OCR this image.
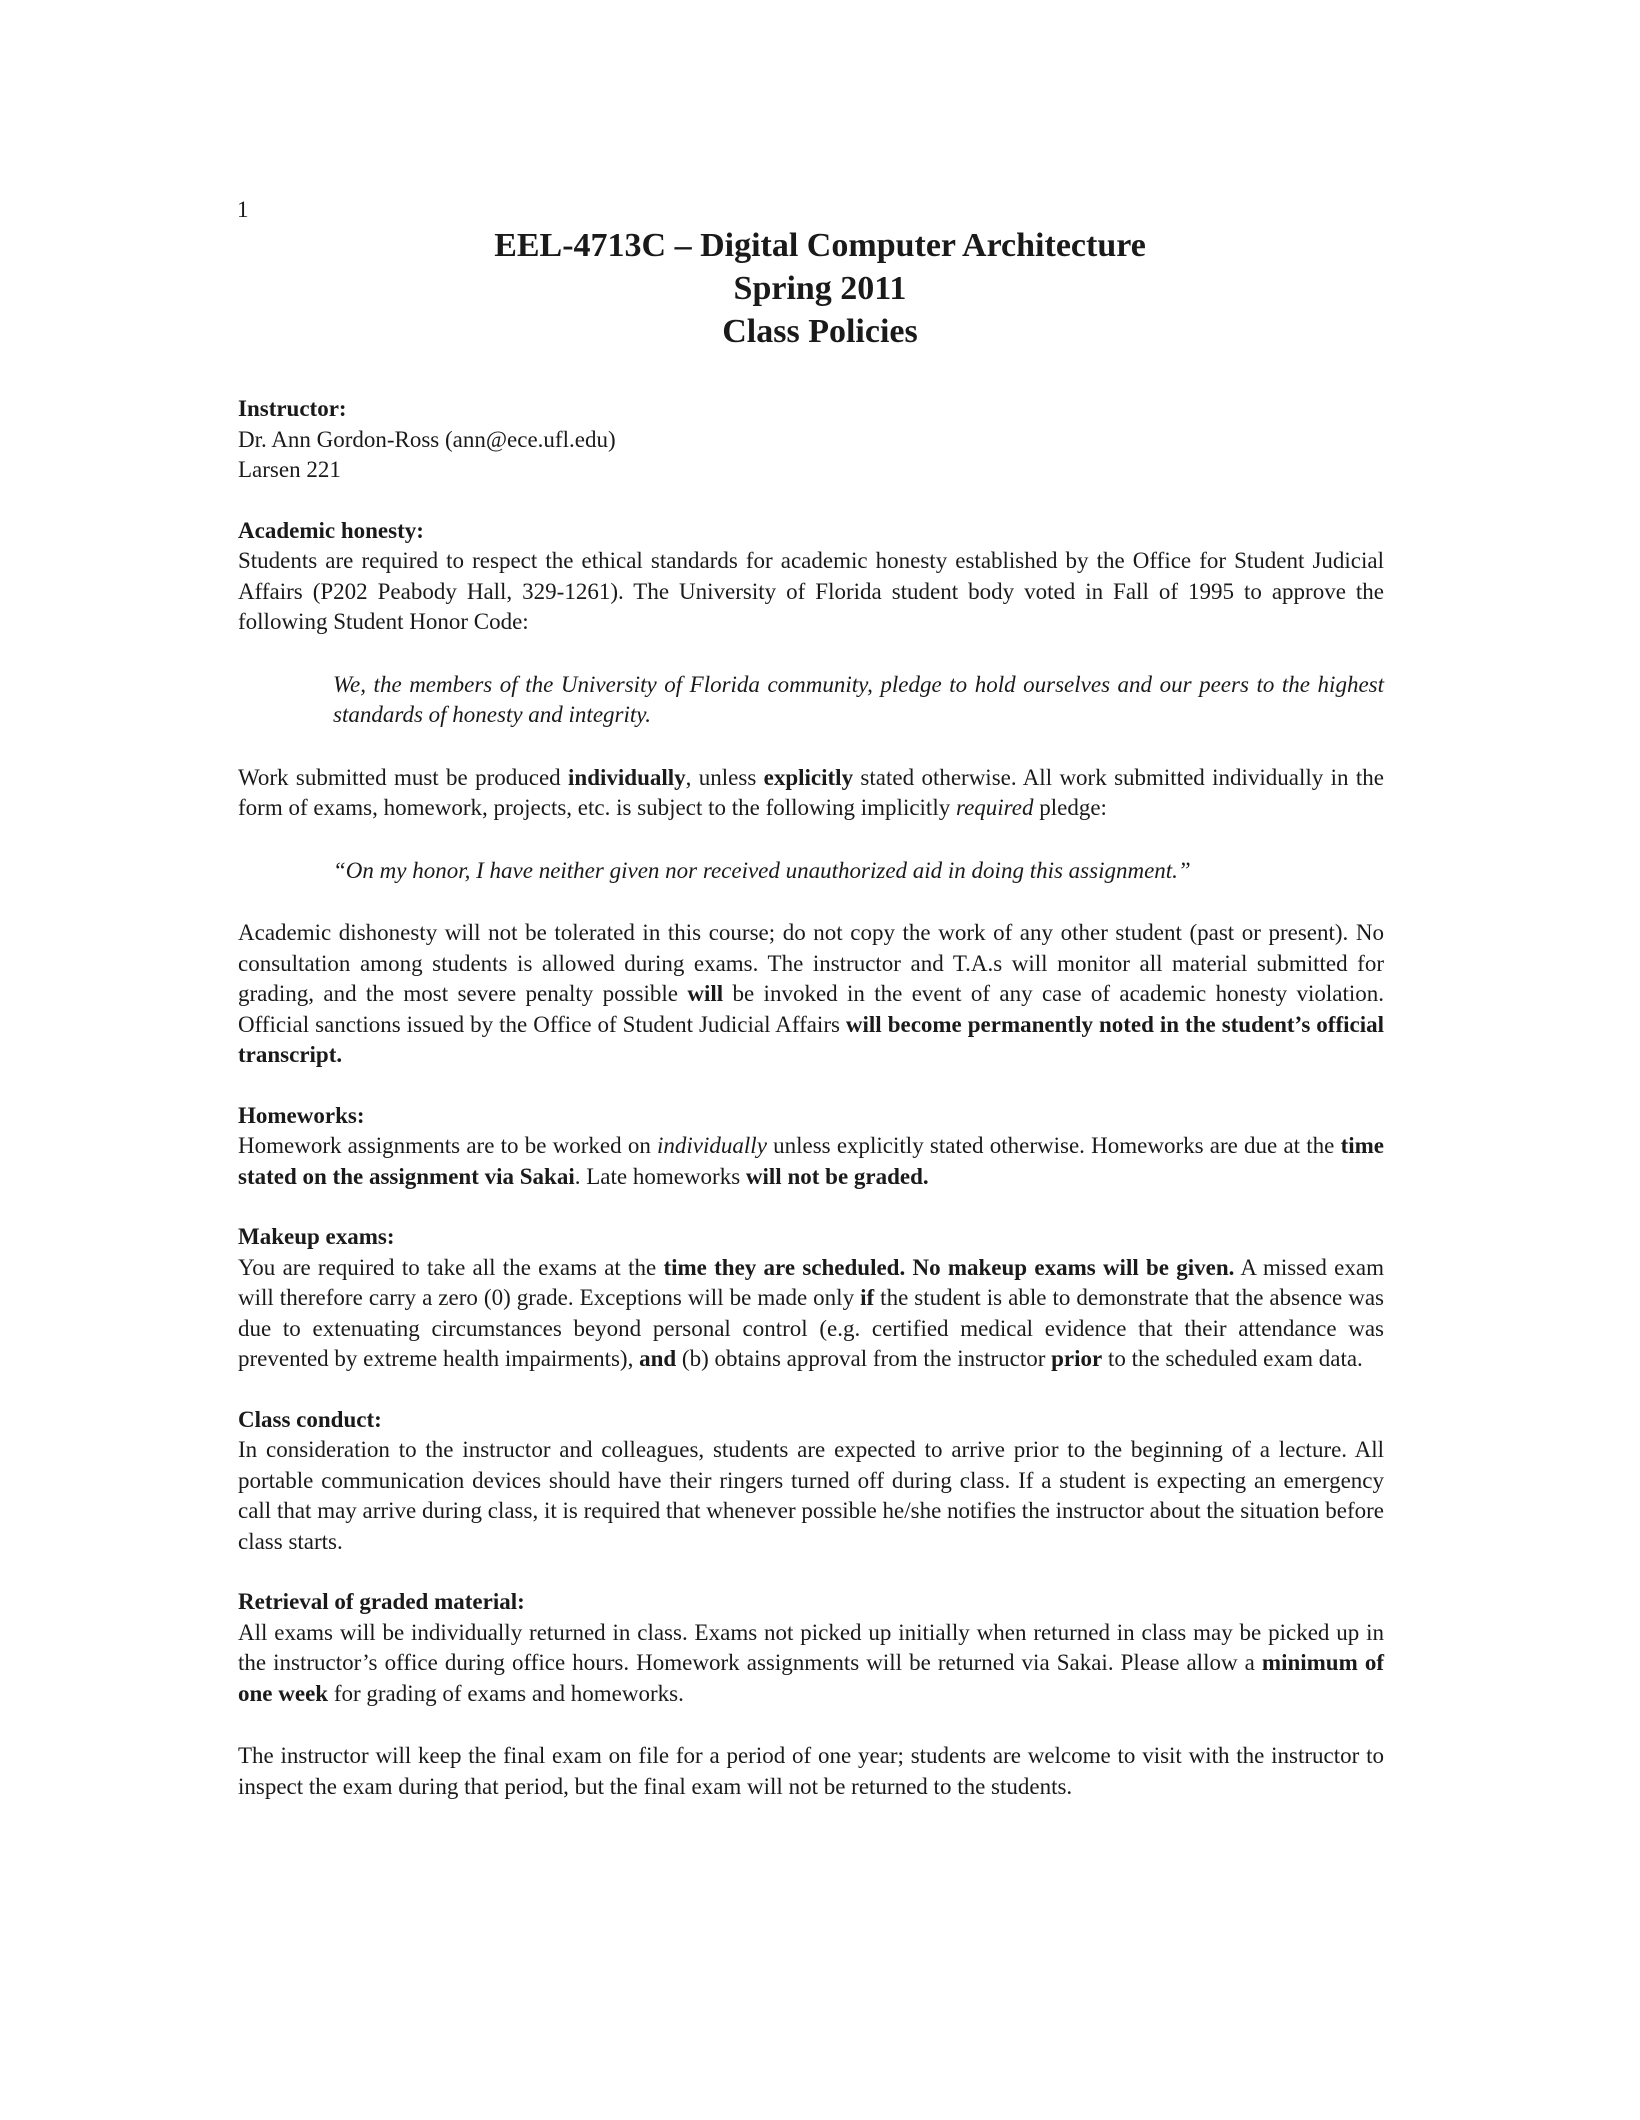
1
EEL-4713C – Digital Computer Architecture
Spring 2011
Class Policies

Instructor:

Dr. Ann Gordon-Ross (ann@ece.ufl.edu)
Larsen 221

Academic honesty:

Students are required to respect the ethical standards for academic honesty established by the Office for Student Judicial Affairs (P202 Peabody Hall, 329-1261). The University of Florida student body voted in Fall of 1995 to approve the following Student Honor Code:

We, the members of the University of Florida community, pledge to hold ourselves and our peers to the highest standards of honesty and integrity.

Work submitted must be produced individually, unless explicitly stated otherwise. All work submitted individually in the form of exams, homework, projects, etc. is subject to the following implicitly required pledge:

“On my honor, I have neither given nor received unauthorized aid in doing this assignment.”

Academic dishonesty will not be tolerated in this course; do not copy the work of any other student (past or present). No consultation among students is allowed during exams. The instructor and T.A.s will monitor all material submitted for grading, and the most severe penalty possible will be invoked in the event of any case of academic honesty violation. Official sanctions issued by the Office of Student Judicial Affairs will become permanently noted in the student’s official transcript.

Homeworks:

Homework assignments are to be worked on individually unless explicitly stated otherwise. Homeworks are due at the time stated on the assignment via Sakai. Late homeworks will not be graded.

Makeup exams:

You are required to take all the exams at the time they are scheduled. No makeup exams will be given. A missed exam will therefore carry a zero (0) grade. Exceptions will be made only if the student is able to demonstrate that the absence was due to extenuating circumstances beyond personal control (e.g. certified medical evidence that their attendance was prevented by extreme health impairments), and (b) obtains approval from the instructor prior to the scheduled exam data.

Class conduct:

In consideration to the instructor and colleagues, students are expected to arrive prior to the beginning of a lecture. All portable communication devices should have their ringers turned off during class. If a student is expecting an emergency call that may arrive during class, it is required that whenever possible he/she notifies the instructor about the situation before class starts.

Retrieval of graded material:

All exams will be individually returned in class. Exams not picked up initially when returned in class may be picked up in the instructor’s office during office hours. Homework assignments will be returned via Sakai. Please allow a minimum of one week for grading of exams and homeworks.

The instructor will keep the final exam on file for a period of one year; students are welcome to visit with the instructor to inspect the exam during that period, but the final exam will not be returned to the students.
